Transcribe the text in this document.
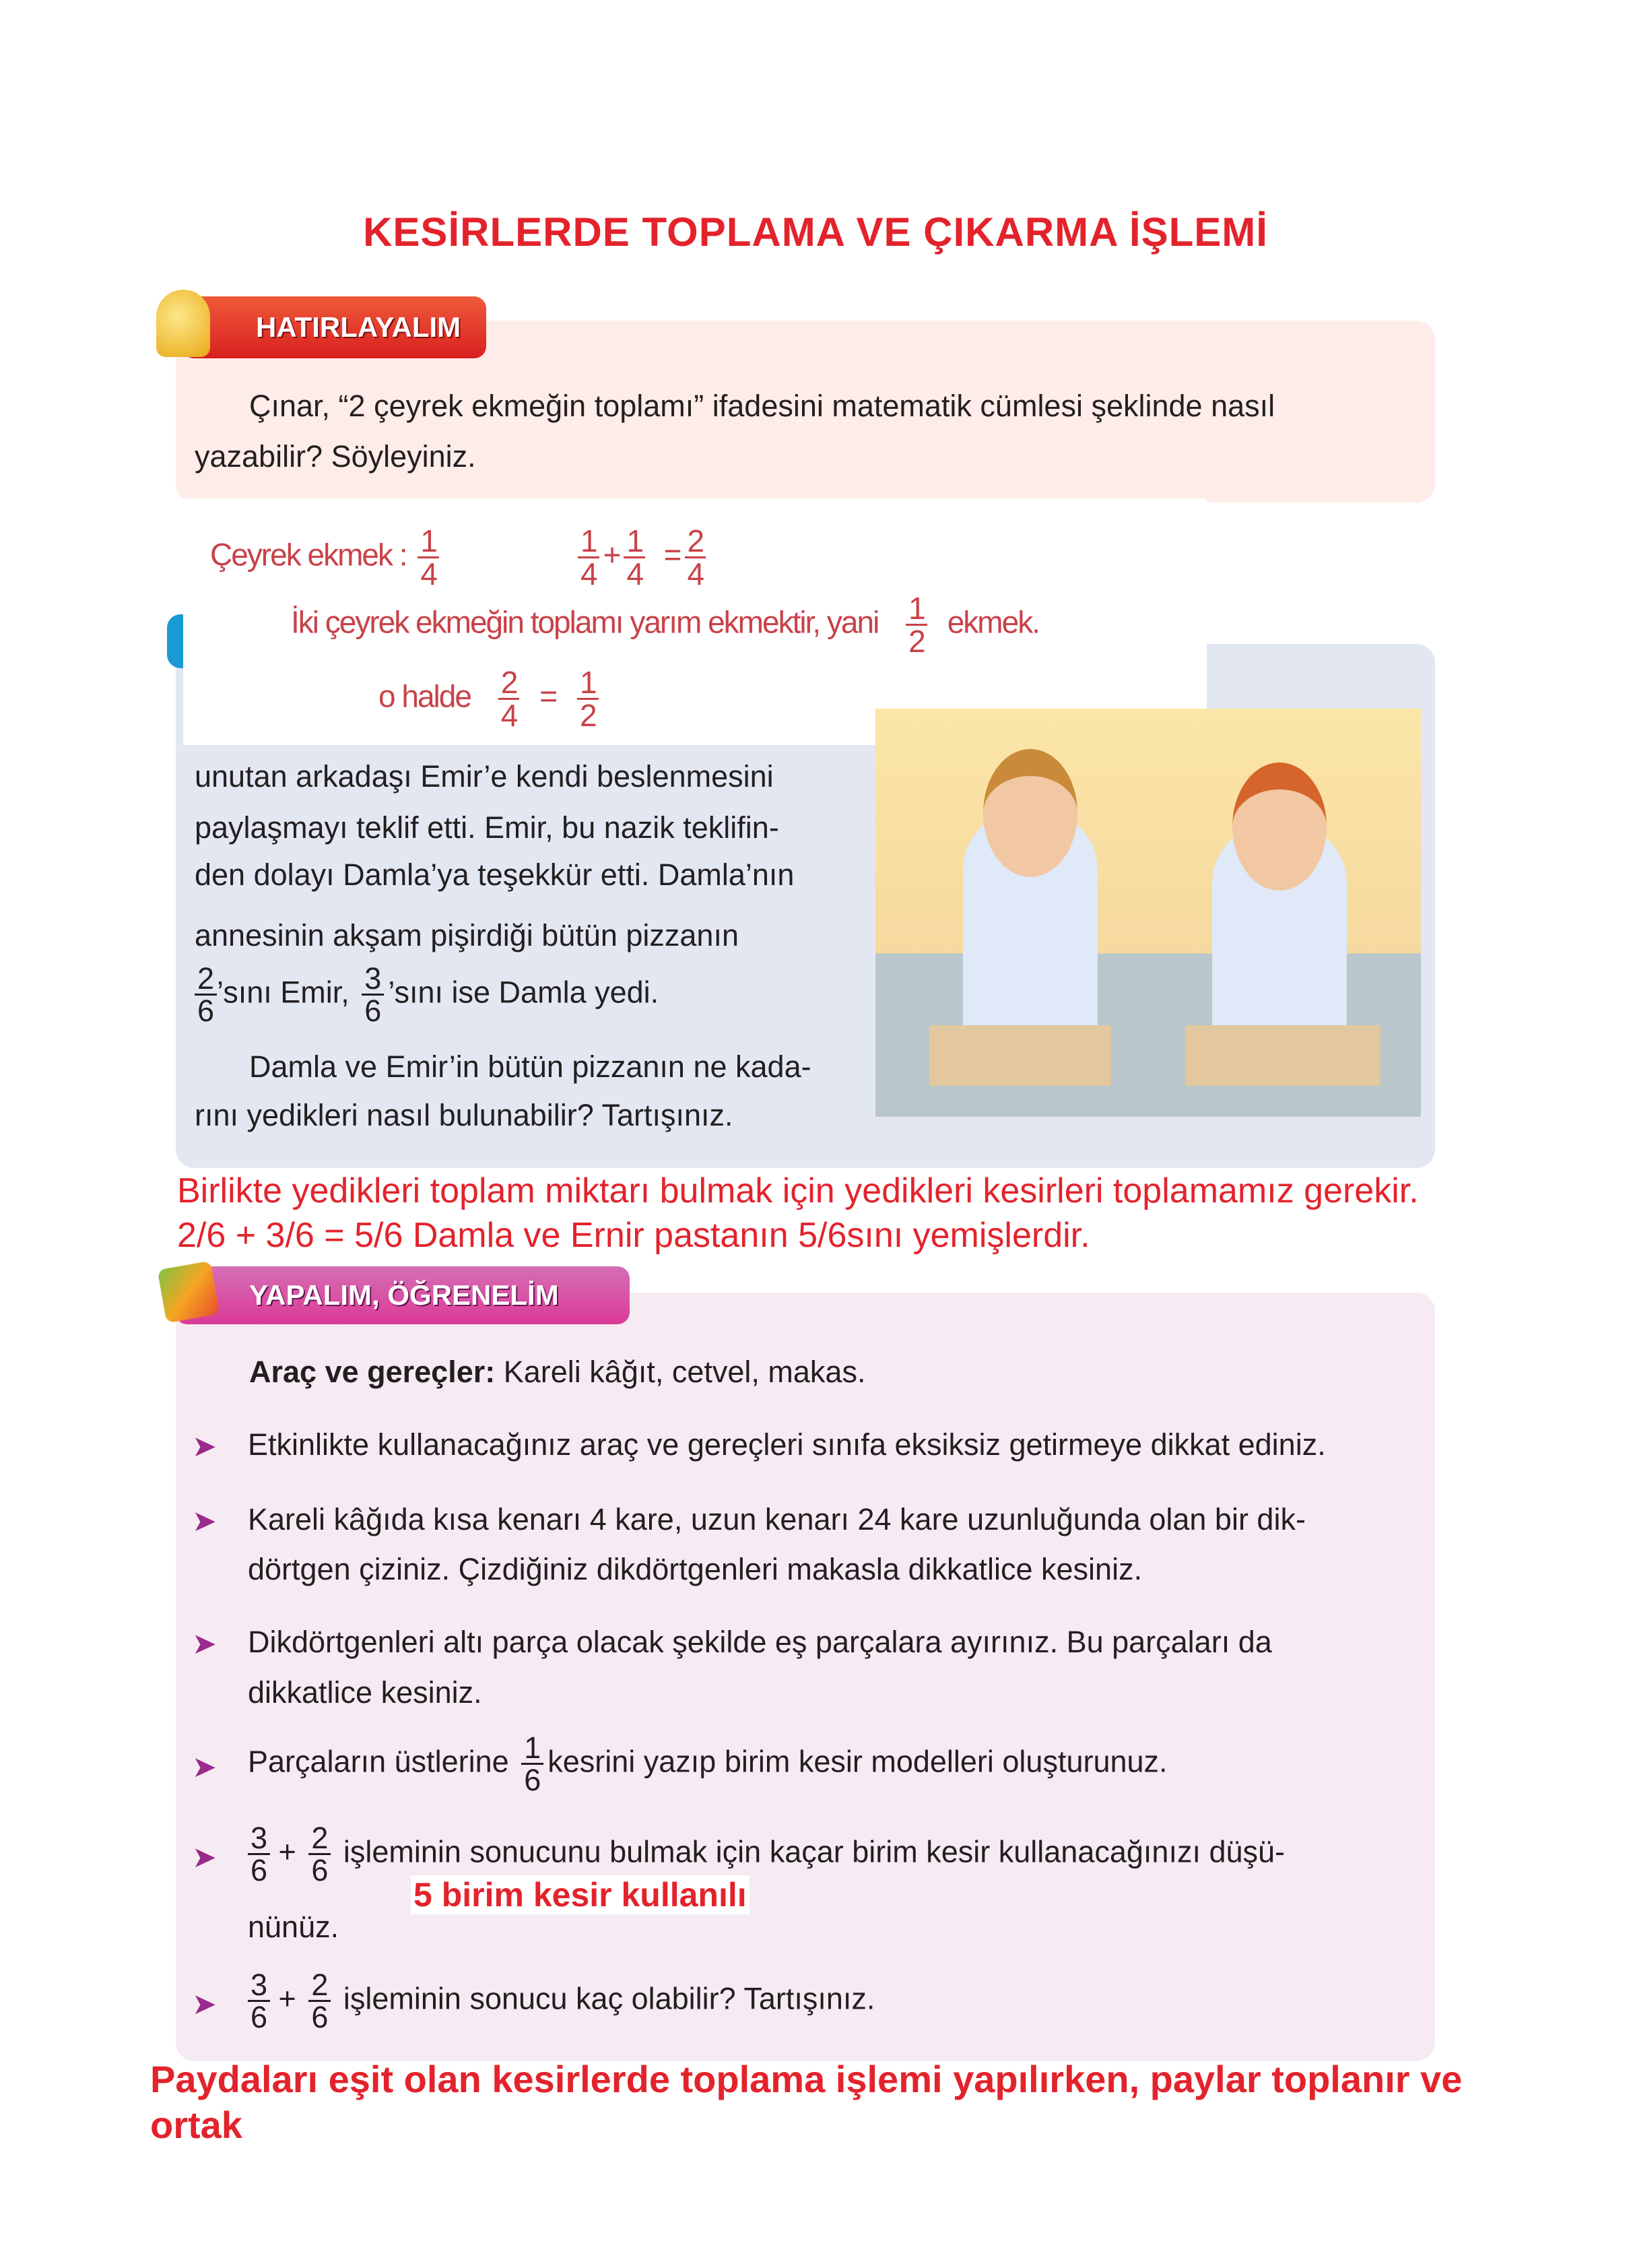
KESİRLERDE TOPLAMA VE ÇIKARMA İŞLEMİ
HATIRLAYALIM
Çınar, “2 çeyrek ekmeğin toplamı” ifadesini matematik cümlesi şeklinde nasıl
yazabilir? Söyleyiniz.
Çeyrek ekmek : $\frac{1}{4}$	$\frac{1}{4} + \frac{1}{4} = \frac{2}{4}$
İki çeyrek ekmeğin toplamı yarım ekmektir, yani $\frac{1}{2}$ ekmek.
o halde $\frac{2}{4} = \frac{1}{2}$
unutan arkadaşı Emir’e kendi beslenmesini
paylaşmayı teklif etti. Emir, bu nazik teklifin-
den dolayı Damla’ya teşekkür etti. Damla’nın
annesinin akşam pişirdiği bütün pizzanın
$\frac{2}{6}$ ’sını Emir, $\frac{3}{6}$ ’sını ise Damla yedi.
Damla ve Emir’in bütün pizzanın ne kada-
rını yedikleri nasıl bulunabilir? Tartışınız.
Birlikte yedikleri toplam miktarı bulmak için yedikleri kesirleri toplamamız gerekir.
2/6 + 3/6 = 5/6 Damla ve Ernir pastanın 5/6sını yemişlerdir.
YAPALIM, ÖĞRENELİM
Araç ve gereçler: Kareli kâğıt, cetvel, makas.
➤ Etkinlikte kullanacağınız araç ve gereçleri sınıfa eksiksiz getirmeye dikkat ediniz.
➤ Kareli kâğıda kısa kenarı 4 kare, uzun kenarı 24 kare uzunluğunda olan bir dik-
dörtgen çiziniz. Çizdiğiniz dikdörtgenleri makasla dikkatlice kesiniz.
➤ Dikdörtgenleri altı parça olacak şekilde eş parçalara ayırınız. Bu parçaları da
dikkatlice kesiniz.
➤ Parçaların üstlerine $\frac{1}{6}$ kesrini yazıp birim kesir modelleri oluşturunuz.
➤ $\frac{3}{6} + \frac{2}{6}$ işleminin sonucunu bulmak için kaçar birim kesir kullanacağınızı düşü-
5 birim kesir kullanılı
nünüz.
➤ $\frac{3}{6} + \frac{2}{6}$ işleminin sonucu kaç olabilir? Tartışınız.
Paydaları eşit olan kesirlerde toplama işlemi yapılırken, paylar toplanır ve
ortak
